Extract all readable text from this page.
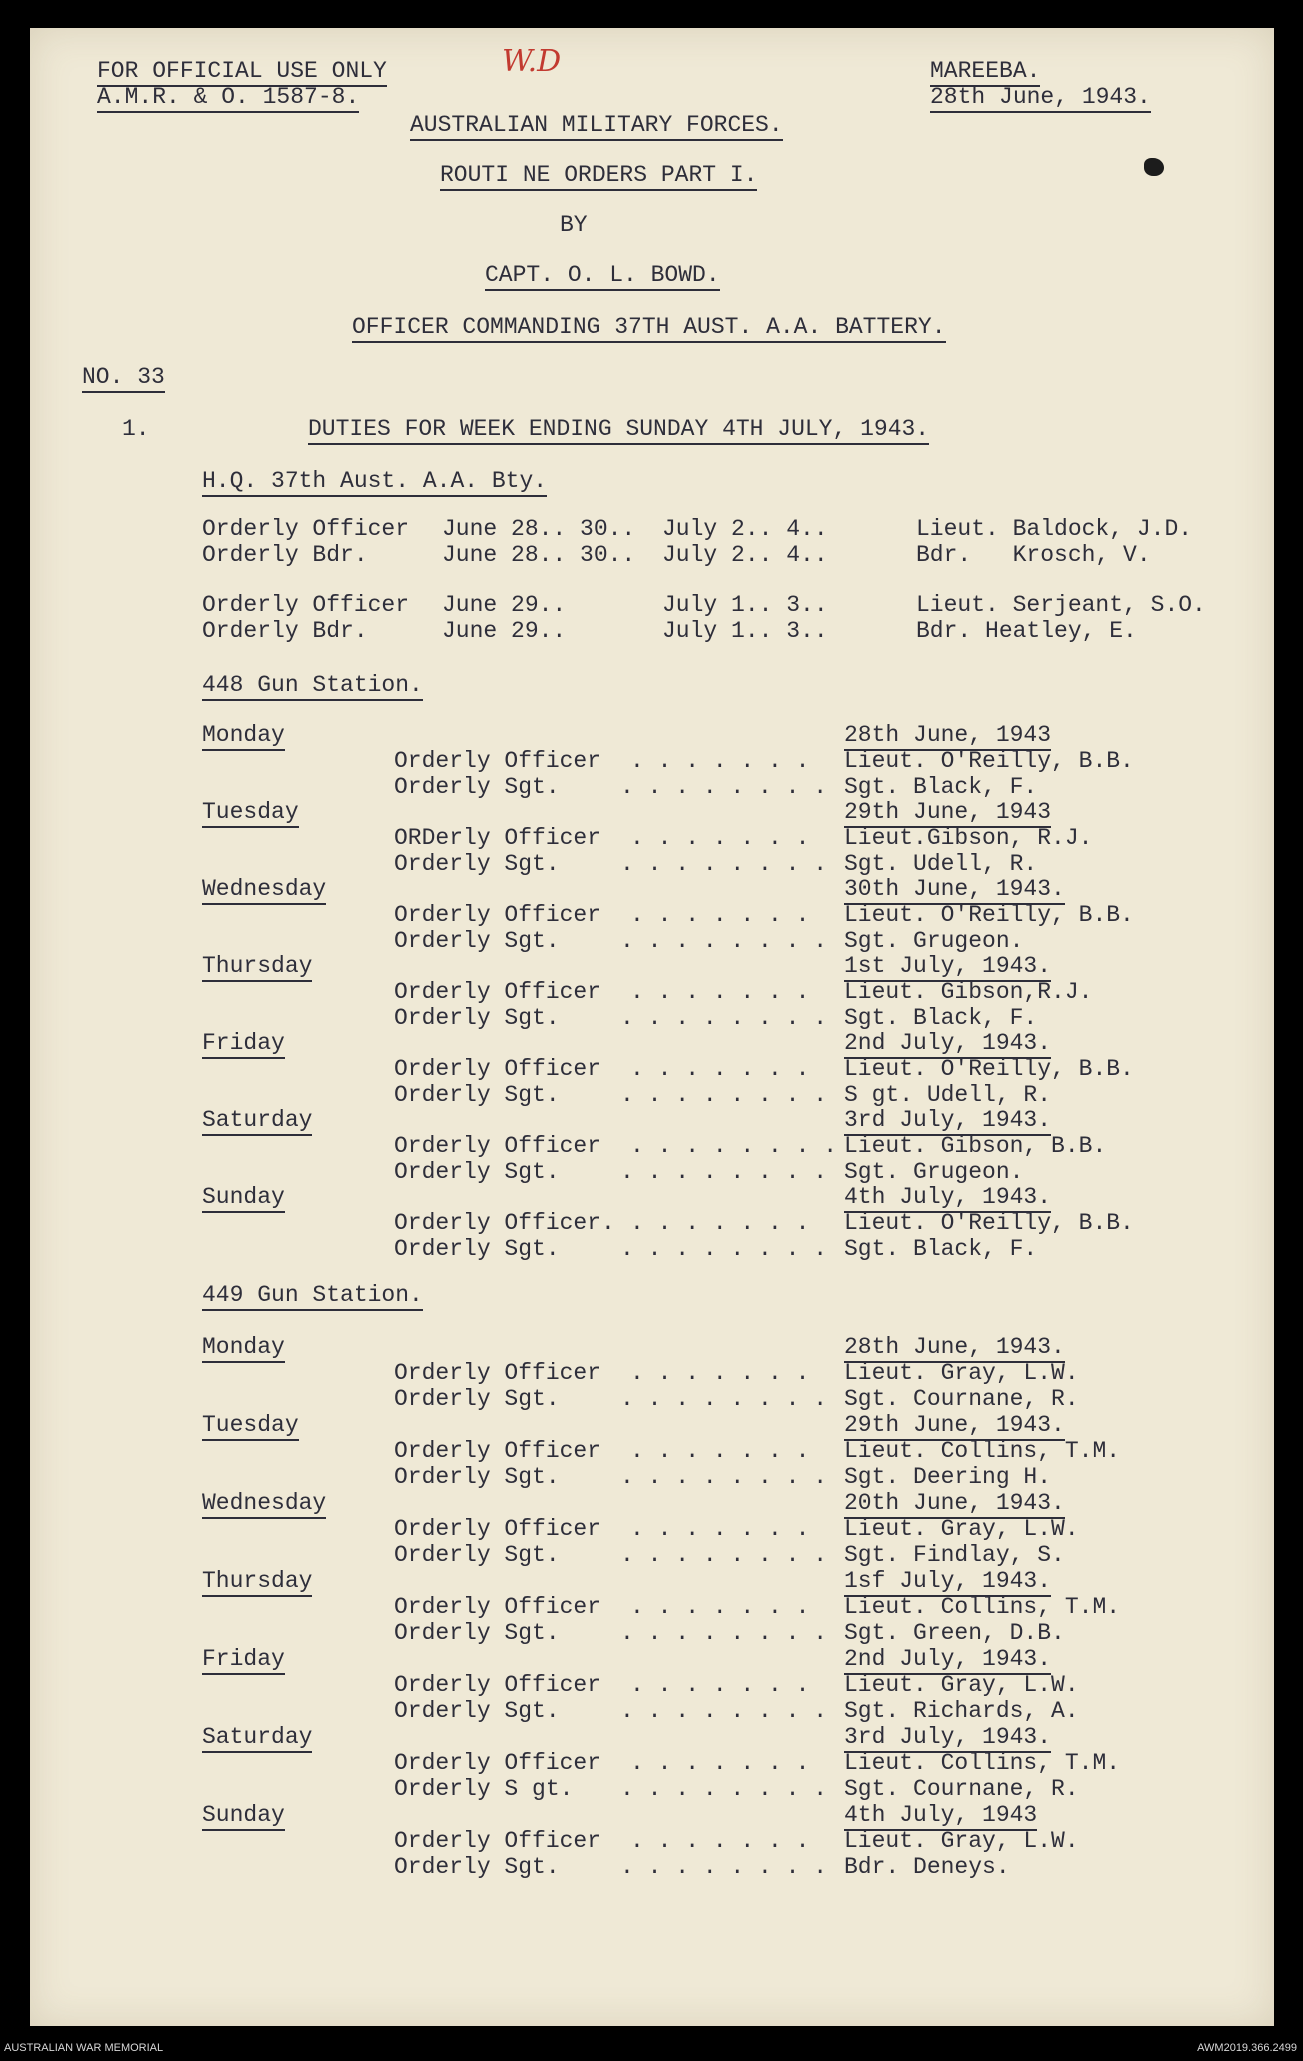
FOR OFFICIAL USE ONLY
A.M.R. & O. 1587-8.
W.D	MAREEBA.
28th June, 1943.
AUSTRALIAN MILITARY FORCES.
ROUTI NE ORDERS PART I.
BY
CAPT. O. L. BOWD.
OFFICER COMMANDING 37TH AUST. A.A. BATTERY.
NO. 33
1.	DUTIES FOR WEEK ENDING SUNDAY 4TH JULY, 1943.
H.Q. 37th Aust. A.A. Bty.
Orderly Officer June 28.. 30.. July 2.. 4..	Lieut. Baldock, J.D.
Orderly Bdr.	June 28.. 30.. July 2.. 4..	Bdr.   Krosch, V.
Orderly Officer June 29..	July 1.. 3..	Lieut. Serjeant, S.O.
Orderly Bdr.	June 29..	July 1.. 3..	Bdr. Heatley, E.
448 Gun Station.
Monday	28th June, 1943
Orderly Officer . . . . . . . Lieut. O'Reilly, B.B.
Orderly Sgt.	. . . . . . . . Sgt. Black, F.
Tuesday	29th June, 1943
ORDerly Officer . . . . . . . Lieut.Gibson, R.J.
Orderly Sgt.	. . . . . . . . Sgt. Udell, R.
Wednesday	30th June, 1943.
Orderly Officer . . . . . . . Lieut. O'Reilly, B.B.
Orderly Sgt.	. . . . . . . . Sgt. Grugeon.
Thursday	1st July, 1943.
Orderly Officer . . . . . . . Lieut. Gibson,R.J.
Orderly Sgt.	. . . . . . . . Sgt. Black, F.
Friday	2nd July, 1943.
Orderly Officer . . . . . . . Lieut. O'Reilly, B.B.
Orderly Sgt.	. . . . . . . . S gt. Udell, R.
Saturday	3rd July, 1943.
Orderly Officer . . . . . . . . Lieut. Gibson, B.B.
Orderly Sgt.	. . . . . . . . Sgt. Grugeon.
Sunday	4th July, 1943.
Orderly Officer. . . . . . . . Lieut. O'Reilly, B.B.
Orderly Sgt.	. . . . . . . . Sgt. Black, F.
449 Gun Station.
Monday	28th June, 1943.
Orderly Officer . . . . . . . Lieut. Gray, L.W.
Orderly Sgt.	. . . . . . . . Sgt. Cournane, R.
Tuesday	29th June, 1943.
Orderly Officer . . . . . . . Lieut. Collins, T.M.
Orderly Sgt.	. . . . . . . . Sgt. Deering H.
Wednesday	20th June, 1943.
Orderly Officer . . . . . . . Lieut. Gray, L.W.
Orderly Sgt.	. . . . . . . . Sgt. Findlay, S.
Thursday	1sf July, 1943.
Orderly Officer . . . . . . . Lieut. Collins, T.M.
Orderly Sgt.	. . . . . . . . Sgt. Green, D.B.
Friday	2nd July, 1943.
Orderly Officer . . . . . . . Lieut. Gray, L.W.
Orderly Sgt.	. . . . . . . . Sgt. Richards, A.
Saturday	3rd July, 1943.
Orderly Officer . . . . . . . Lieut. Collins, T.M.
Orderly S gt. . . . . . . . . Sgt. Cournane, R.
Sunday	4th July, 1943
Orderly Officer . . . . . . . Lieut. Gray, L.W.
Orderly Sgt.	. . . . . . . . Bdr. Deneys.
AUSTRALIAN WAR MEMORIAL	AWM2019.366.2499
